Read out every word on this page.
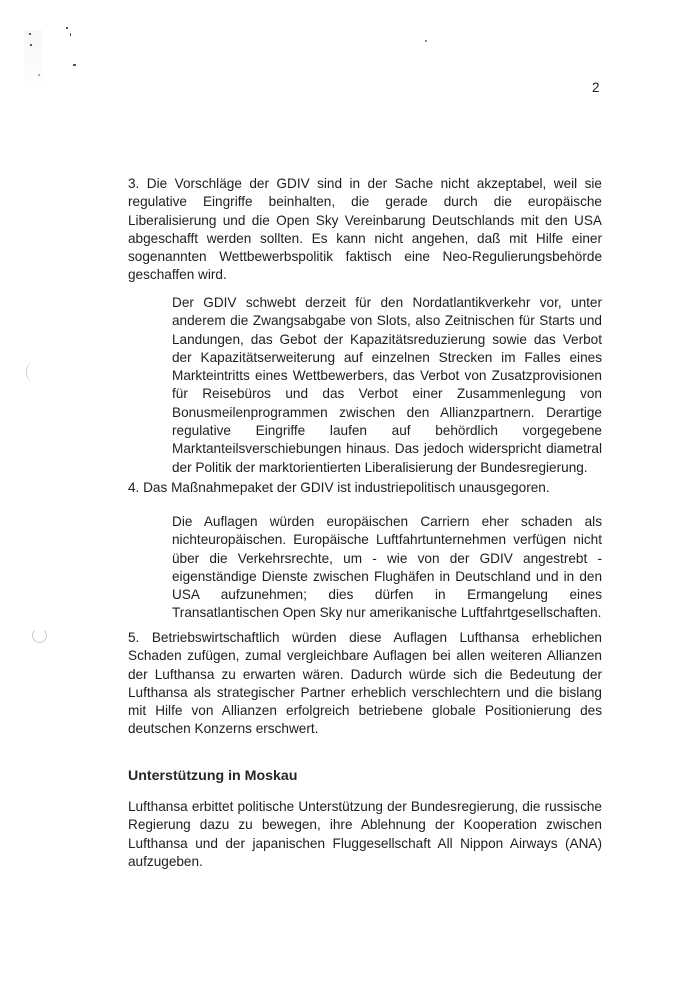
2

3. Die Vorschläge der GDIV sind in der Sache nicht akzeptabel, weil sie regulative Eingriffe beinhalten, die gerade durch die europäische Liberalisierung und die Open Sky Vereinbarung Deutschlands mit den USA abgeschafft werden sollten. Es kann nicht angehen, daß mit Hilfe einer sogenannten Wettbewerbspolitik faktisch eine Neo-Regulierungsbehörde geschaffen wird.

Der GDIV schwebt derzeit für den Nordatlantikverkehr vor, unter anderem die Zwangsabgabe von Slots, also Zeitnischen für Starts und Landungen, das Gebot der Kapazitätsreduzierung sowie das Verbot der Kapazitätserweiterung auf einzelnen Strecken im Falles eines Markteintritts eines Wettbewerbers, das Verbot von Zusatzprovisionen für Reisebüros und das Verbot einer Zusammenlegung von Bonusmeilenprogrammen zwischen den Allianzpartnern. Derartige regulative Eingriffe laufen auf behördlich vorgegebene Marktanteilsverschiebungen hinaus. Das jedoch widerspricht diametral der Politik der marktorientierten Liberalisierung der Bundesregierung.

4. Das Maßnahmepaket der GDIV ist industriepolitisch unausgegoren.

Die Auflagen würden europäischen Carriern eher schaden als nichteuropäischen. Europäische Luftfahrtunternehmen verfügen nicht über die Verkehrsrechte, um - wie von der GDIV angestrebt - eigenständige Dienste zwischen Flughäfen in Deutschland und in den USA aufzunehmen; dies dürfen in Ermangelung eines Transatlantischen Open Sky nur amerikanische Luftfahrtgesellschaften.

5. Betriebswirtschaftlich würden diese Auflagen Lufthansa erheblichen Schaden zufügen, zumal vergleichbare Auflagen bei allen weiteren Allianzen der Lufthansa zu erwarten wären. Dadurch würde sich die Bedeutung der Lufthansa als strategischer Partner erheblich verschlechtern und die bislang mit Hilfe von Allianzen erfolgreich betriebene globale Positionierung des deutschen Konzerns erschwert.

Unterstützung in Moskau

Lufthansa erbittet politische Unterstützung der Bundesregierung, die russische Regierung dazu zu bewegen, ihre Ablehnung der Kooperation zwischen Lufthansa und der japanischen Fluggesellschaft All Nippon Airways (ANA) aufzugeben.
